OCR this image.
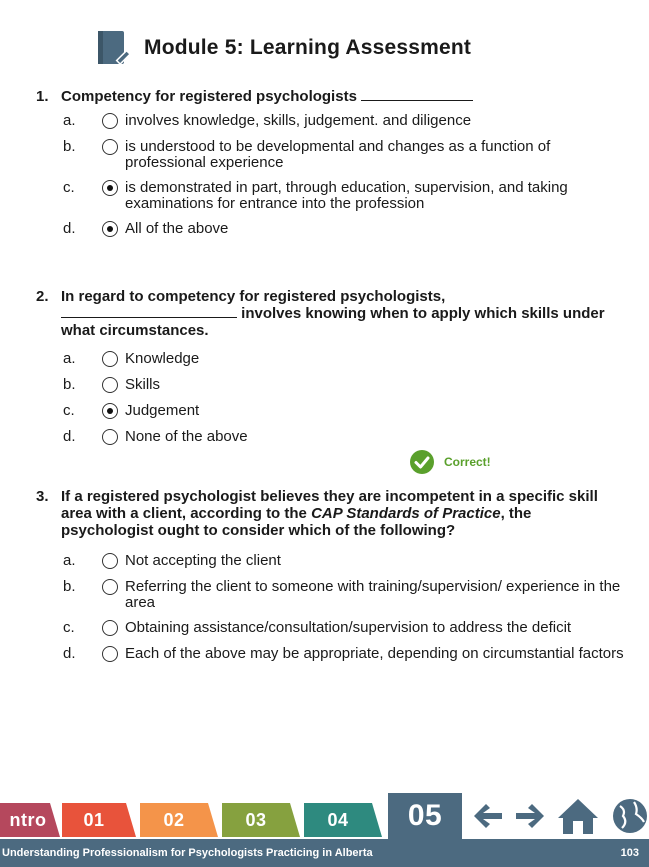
Module 5: Learning Assessment
1. Competency for registered psychologists
a.	involves knowledge, skills, judgement. and diligence
b.	is understood to be developmental and changes as a function of professional experience
c.	is demonstrated in part, through education, supervision, and taking examinations for entrance into the profession
d.	All of the above
2. In regard to competency for registered psychologists,
involves knowing when to apply which skills under what circumstances.
a.	Knowledge
b.	Skills
c.	Judgement
d.	None of the above
Correct!
3. If a registered psychologist believes they are incompetent in a specific skill area with a client, according to the CAP Standards of Practice, the psychologist ought to consider which of the following?
a.	Not accepting the client
b.	Referring the client to someone with training/supervision/ experience in the area
c.	Obtaining assistance/consultation/supervision to address the deficit
d.	Each of the above may be appropriate, depending on circumstantial factors
ntro	01	02	03	04	05
Understanding Professionalism for Psychologists Practicing in Alberta	103
